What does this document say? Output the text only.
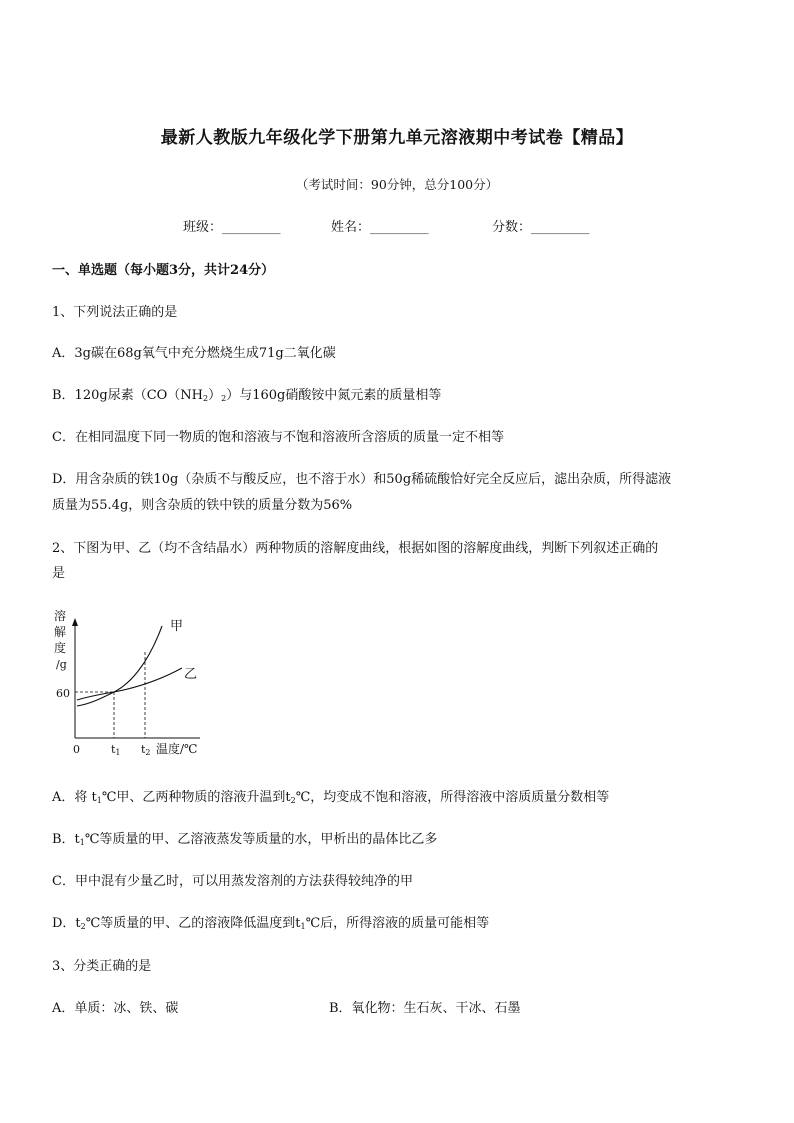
最新人教版九年级化学下册第九单元溶液期中考试卷【精品】
（考试时间：90分钟，总分100分）
班级：_________	姓名：_________	分数：_________
一、单选题（每小题3分，共计24分）
1、下列说法正确的是
A．3g碳在68g氧气中充分燃烧生成71g二氧化碳
B．120g尿素$(CO(NH_2)_2)$与160g硝酸铵中氮元素的质量相等
C．在相同温度下同一物质的饱和溶液与不饱和溶液所含溶质的质量一定不相等
D．用含杂质的铁10g（杂质不与酸反应，也不溶于水）和50g稀硫酸恰好完全反应后，滤出杂质，所得滤液
质量为55.4g，则含杂质的铁中铁的质量分数为56%
2、下图为甲、乙（均不含结晶水）两种物质的溶解度曲线，根据如图的溶解度曲线，判断下列叙述正确的
是
溶
解
度
/g
60
甲
乙
0	t1 t2 温度/℃
A．将 $t_1℃$甲、乙两种物质的溶液升温到$t_2℃$，均变成不饱和溶液，所得溶液中溶质质量分数相等
B．$t_1℃$等质量的甲、乙溶液蒸发等质量的水，甲析出的晶体比乙多
C．甲中混有少量乙时，可以用蒸发溶剂的方法获得较纯净的甲
D．$t_2℃$等质量的甲、乙的溶液降低温度到$t_1℃$后，所得溶液的质量可能相等
3、分类正确的是
A．单质：冰、铁、碳	B．氧化物：生石灰、干冰、石墨
